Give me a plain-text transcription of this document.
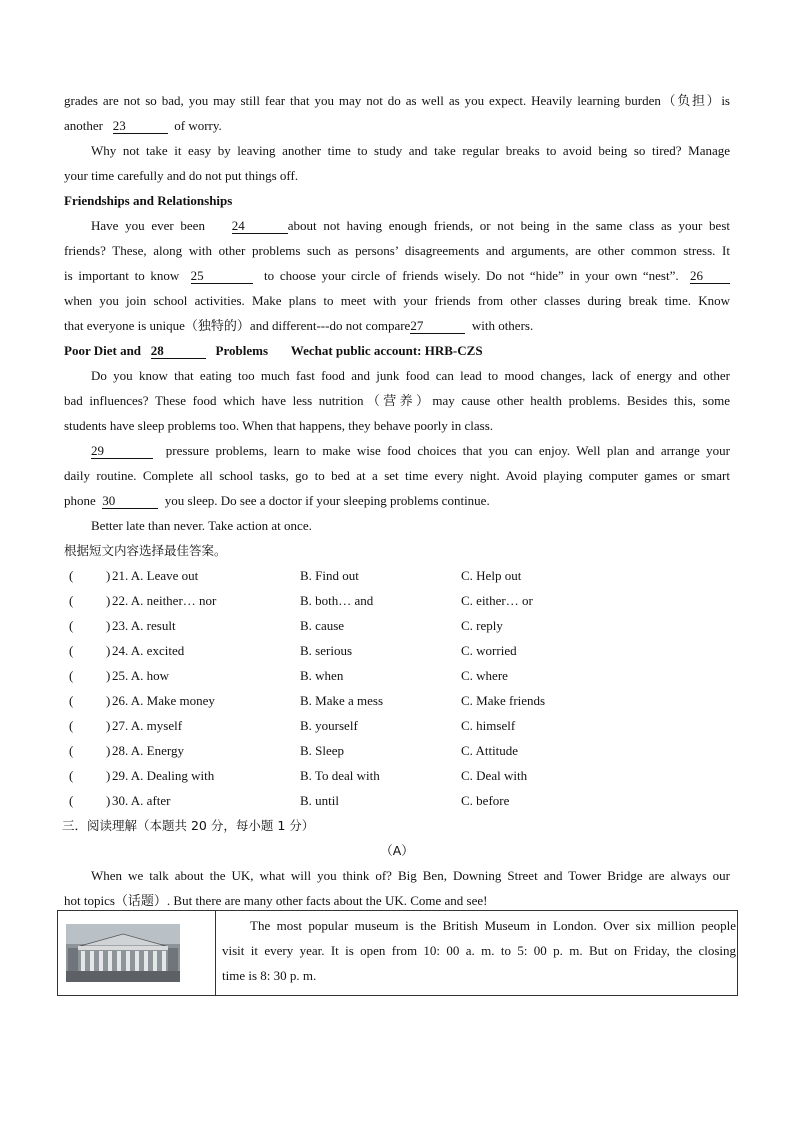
grades are not so bad, you may still fear that you may not do as well as you expect. Heavily learning burden（负担）is
another 23	of worry.
Why not take it easy by leaving another time to study and take regular breaks to avoid being so tired? Manage
your time carefully and do not put things off.
Friendships and Relationships
Have you ever been 24	about not having enough friends, or not being in the same class as your best
friends? These, along with other problems such as persons’ disagreements and arguments, are other common stress. It
is important to know 25	to choose your circle of friends wisely. Do not “hide” in your own “nest”. 26
when you join school activities. Make plans to meet with your friends from other classes during break time. Know
that everyone is unique（独特的）and different---do not compare27	with others.
Poor Diet and 28	Problems Wechat public account: HRB-CZS
Do you know that eating too much fast food and junk food can lead to mood changes, lack of energy and other
bad influences? These food which have less nutrition（营养）may cause other health problems. Besides this, some
students have sleep problems too. When that happens, they behave poorly in class.
29	pressure problems, learn to make wise food choices that you can enjoy. Well plan and arrange your
daily routine. Complete all school tasks, go to bed at a set time every night. Avoid playing computer games or smart
phone 30	you sleep. Do see a doctor if your sleeping problems continue.
Better late than never. Take action at once.
根据短文内容选择最佳答案。
(	) 21. A. Leave out	B. Find out	C. Help out
(	) 22. A. neither… nor	B. both… and	C. either… or
(	) 23. A. result	B. cause	C. reply
(	) 24. A. excited	B. serious	C. worried
(	) 25. A. how	B. when	C. where
(	) 26. A. Make money	B. Make a mess	C. Make friends
(	) 27. A. myself	B. yourself	C. himself
(	) 28. A. Energy	B. Sleep	C. Attitude
(	) 29. A. Dealing with	B. To deal with	C. Deal with
(	) 30. A. after	B. until	C. before
三．阅读理解（本题共 20 分，每小题 1 分）
（A）
When we talk about the UK, what will you think of? Big Ben, Downing Street and Tower Bridge are always our
hot topics（话题）. But there are many other facts about the UK. Come and see!
The most popular museum is the British Museum in London. Over six million people
visit it every year. It is open from 10: 00 a. m. to 5: 00 p. m. But on Friday, the closing
time is 8: 30 p. m.
